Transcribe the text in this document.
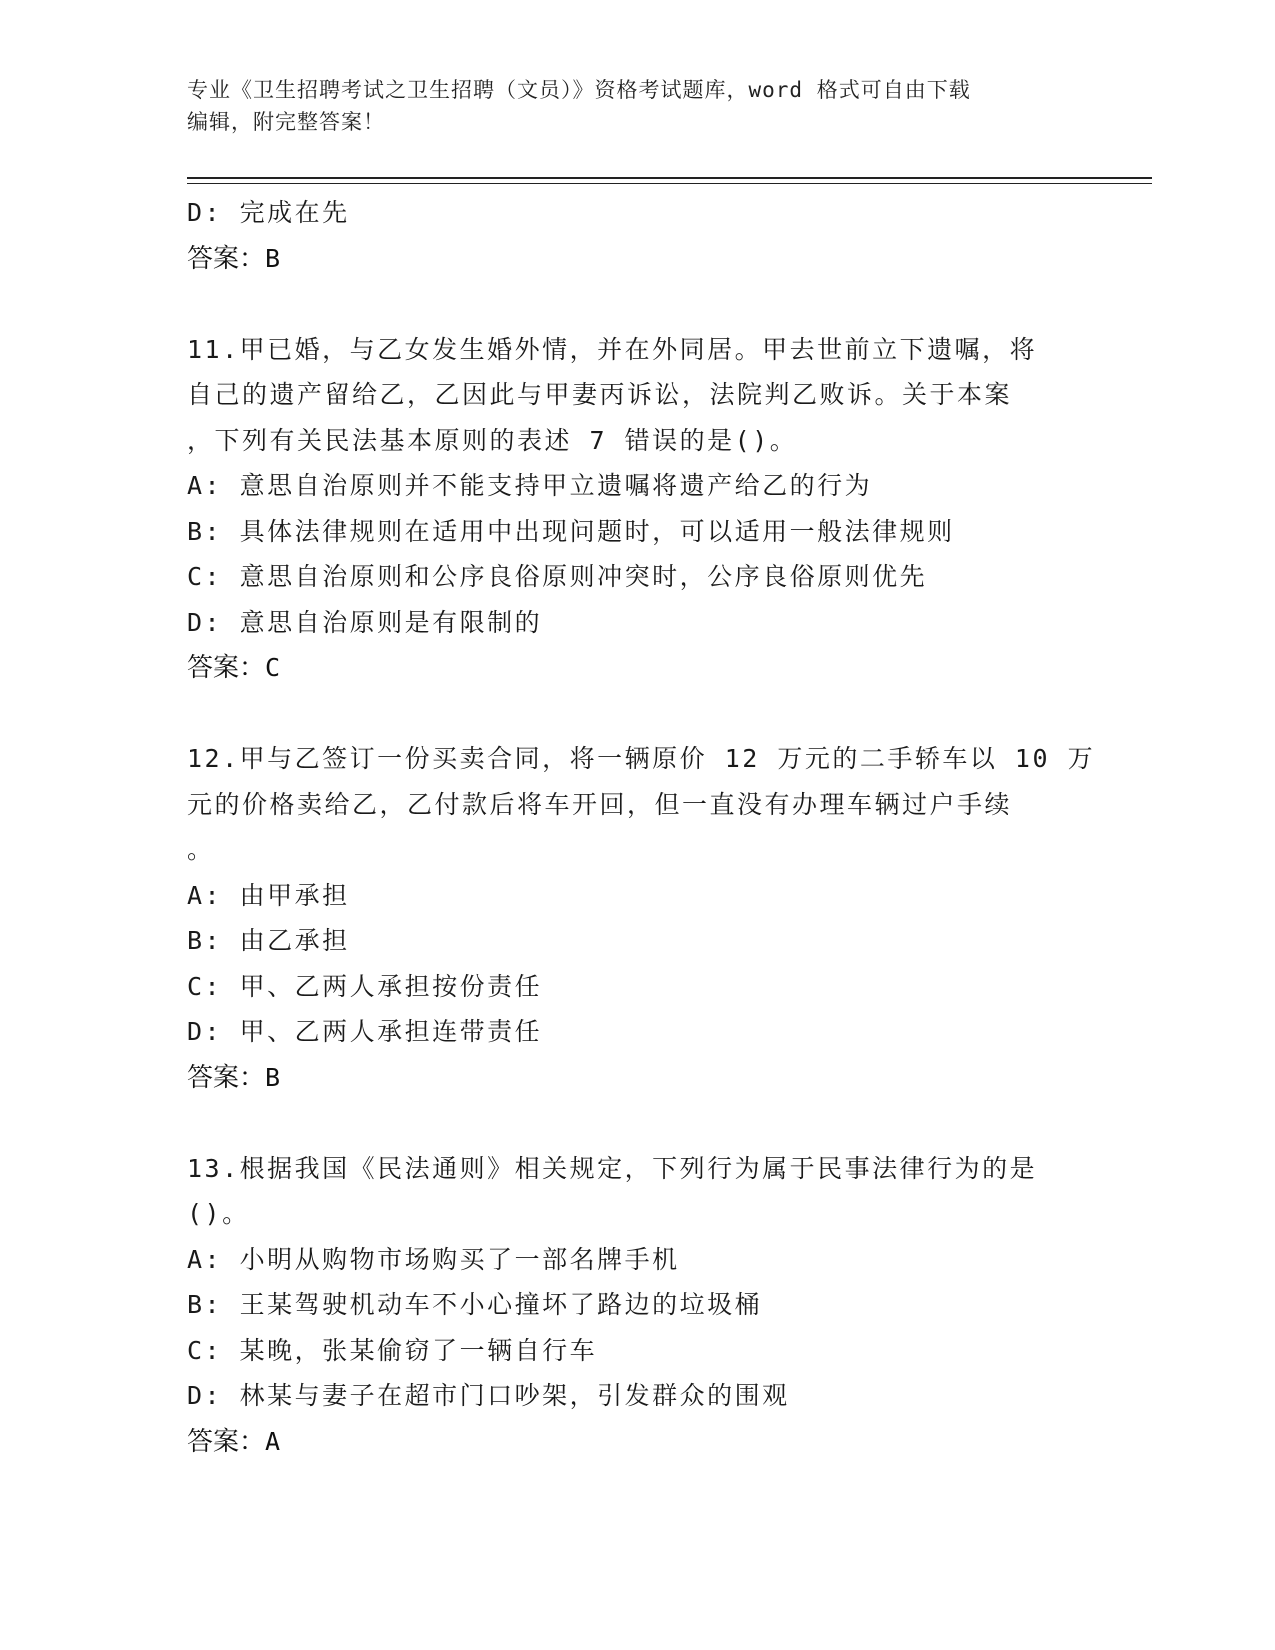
专业《卫生招聘考试之卫生招聘（文员）》资格考试题库，word 格式可自由下载
编辑，附完整答案！
D: 完成在先
答案：B
11.甲已婚，与乙女发生婚外情，并在外同居。甲去世前立下遗嘱，将
自己的遗产留给乙，乙因此与甲妻丙诉讼，法院判乙败诉。关于本案
，下列有关民法基本原则的表述 7 错误的是()。
A: 意思自治原则并不能支持甲立遗嘱将遗产给乙的行为
B: 具体法律规则在适用中出现问题时，可以适用一般法律规则
C: 意思自治原则和公序良俗原则冲突时，公序良俗原则优先
D: 意思自治原则是有限制的
答案：C
12.甲与乙签订一份买卖合同，将一辆原价 12 万元的二手轿车以 10 万
元的价格卖给乙，乙付款后将车开回，但一直没有办理车辆过户手续
。
A: 由甲承担
B: 由乙承担
C: 甲、乙两人承担按份责任
D: 甲、乙两人承担连带责任
答案：B
13.根据我国《民法通则》相关规定，下列行为属于民事法律行为的是
()。
A: 小明从购物市场购买了一部名牌手机
B: 王某驾驶机动车不小心撞坏了路边的垃圾桶
C: 某晚，张某偷窃了一辆自行车
D: 林某与妻子在超市门口吵架，引发群众的围观
答案：A
